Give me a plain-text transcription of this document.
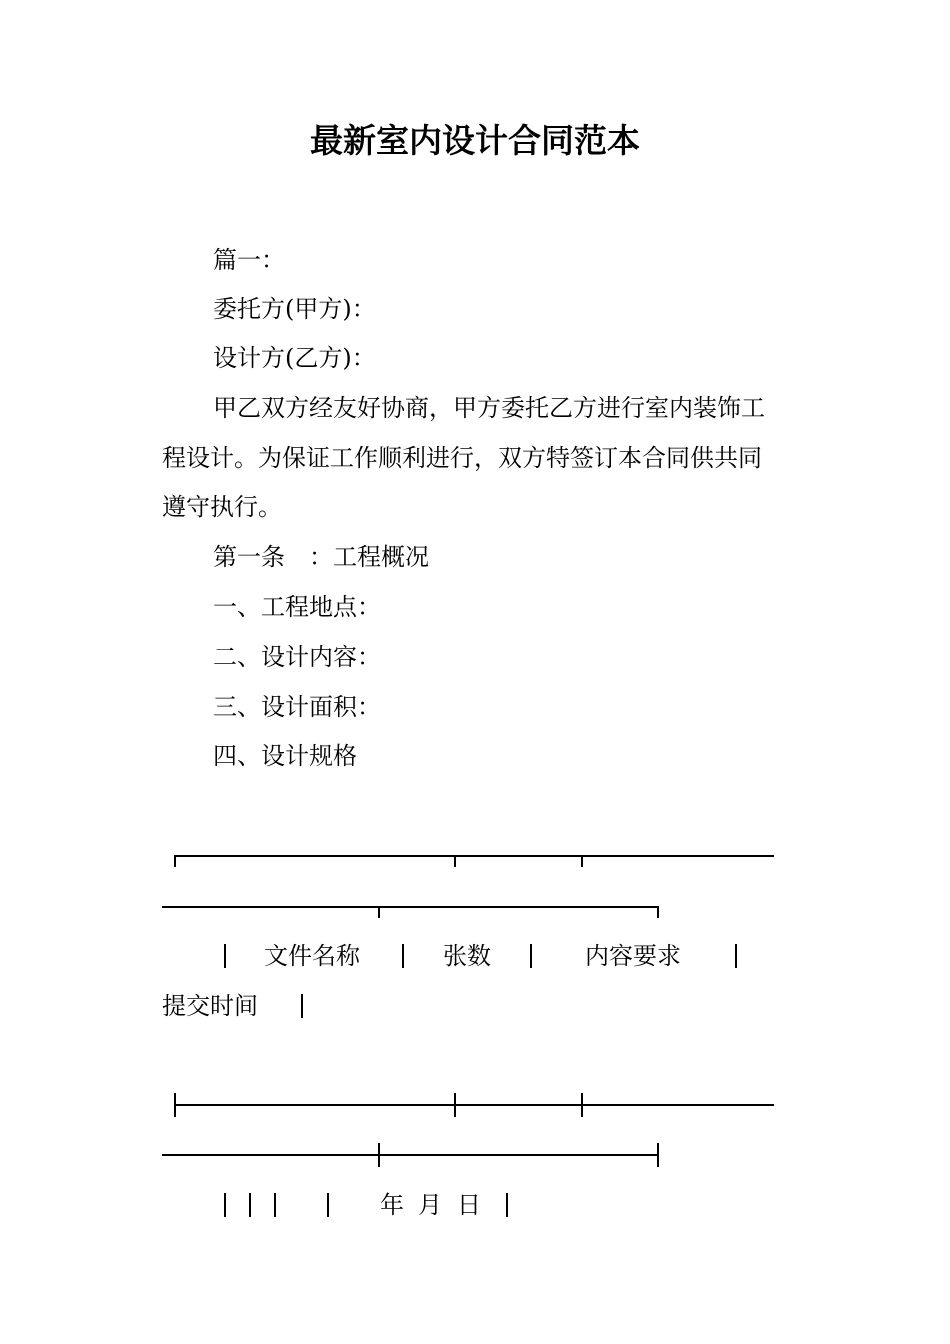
最新室内设计合同范本
篇一：
委托方(甲方)：
设计方(乙方)：
甲乙双方经友好协商，甲方委托乙方进行室内装饰工
程设计。为保证工作顺利进行，双方特签订本合同供共同
遵守执行。
第一条　：工程概况
一、工程地点：
二、设计内容：
三、设计面积：
四、设计规格
文件名称	张数	内容要求
提交时间
年 月 日
